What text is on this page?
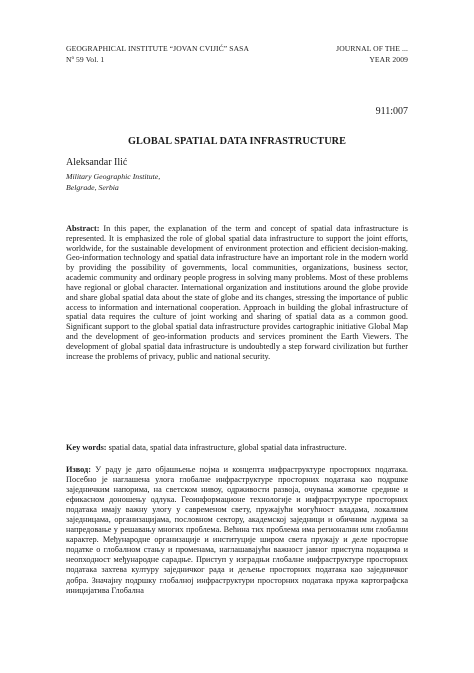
GEOGRAPHICAL INSTITUTE “JOVAN CVIJIĆ” SASA
Nº 59 Vol. 1
JOURNAL OF THE ...
YEAR 2009
911:007
GLOBAL SPATIAL DATA INFRASTRUCTURE
Aleksandar Ilić
Military Geographic Institute,
Belgrade, Serbia
Abstract: In this paper, the explanation of the term and concept of spatial data infrastructure is represented. It is emphasized the role of global spatial data infrastructure to support the joint efforts, worldwide, for the sustainable development of environment protection and efficient decision-making. Geo-information technology and spatial data infrastructure have an important role in the modern world by providing the possibility of governments, local communities, organizations, business sector, academic community and ordinary people progress in solving many problems. Most of these problems have regional or global character. International organization and institutions around the globe provide and share global spatial data about the state of globe and its changes, stressing the importance of public access to information and international cooperation. Approach in building the global infrastructure of spatial data requires the culture of joint working and sharing of spatial data as a common good. Significant support to the global spatial data infrastructure provides cartographic initiative Global Map and the development of geo-information products and services prominent the Earth Viewers. The development of global spatial data infrastructure is undoubtedly a step forward civilization but further increase the problems of privacy, public and national security.
Key words: spatial data, spatial data infrastructure, global spatial data infrastructure.
Извод: У раду је дато објашњење појма и концепта инфраструктуре просторних података. Посебно је наглашена улога глобалне инфраструктуре просторних података као подршке заједничким напорима, на светском нивоу, одрживости развоја, очувања животне средине и ефикасном доношењу одлука. Геоинформационе технологије и инфраструктуре просторних података имају важну улогу у савременом свету, пружајући могућност владама, локалним заједницама, организацијама, пословном сектору, академској заједници и обичним људима за напредовање у решавању многих проблема. Већина тих проблема има регионални или глобални карактер. Међународне организације и институције широм света пружају и деле просторне податке о глобалном стању и променама, наглашавајући важност јавног приступа подацима и неопходност међународне сарадње. Приступ у изградњи глобалне инфраструктуре просторних података захтева културу заједничког рада и дељење просторних података као заједничког добра. Значајну подршку глобалној инфраструктури просторних података пружа картографска иницијатива Глобална
